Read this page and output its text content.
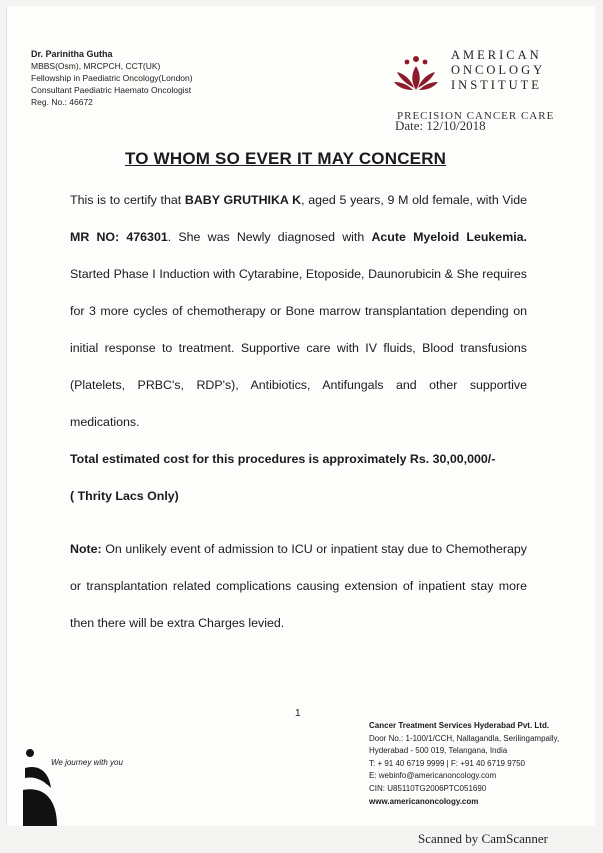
Dr. Parinitha Gutha
MBBS(Osm), MRCPCH, CCT(UK)
Fellowship in Paediatric Oncology(London)
Consultant Paediatric Haemato Oncologist
Reg. No.: 46672
AMERICAN
ONCOLOGY
INSTITUTE
PRECISION CANCER CARE
Date: 12/10/2018
TO WHOM SO EVER IT MAY CONCERN

This is to certify that BABY GRUTHIKA K, aged 5 years, 9 M old female, with Vide MR NO: 476301. She was Newly diagnosed with Acute Myeloid Leukemia. Started Phase I Induction with Cytarabine, Etoposide, Daunorubicin & She requires for 3 more cycles of chemotherapy or Bone marrow transplantation depending on initial response to treatment. Supportive care with IV fluids, Blood transfusions (Platelets, PRBC's, RDP's), Antibiotics, Antifungals and other supportive medications.

Total estimated cost for this procedures is approximately Rs. 30,00,000/-

( Thrity Lacs Only)

Note: On unlikely event of admission to ICU or inpatient stay due to Chemotherapy or transplantation related complications causing extension of inpatient stay more then there will be extra Charges levied.

1
We journey with you
Cancer Treatment Services Hyderabad Pvt. Ltd.
Door No.: 1-100/1/CCH, Nallagandla, Serilingampally,
Hyderabad - 500 019, Telangana, India
T: + 91 40 6719 9999 | F: +91 40 6719 9750
E: webinfo@americanoncology.com
CIN: U85110TG2006PTC051690
www.americanoncology.com
Scanned by CamScanner
